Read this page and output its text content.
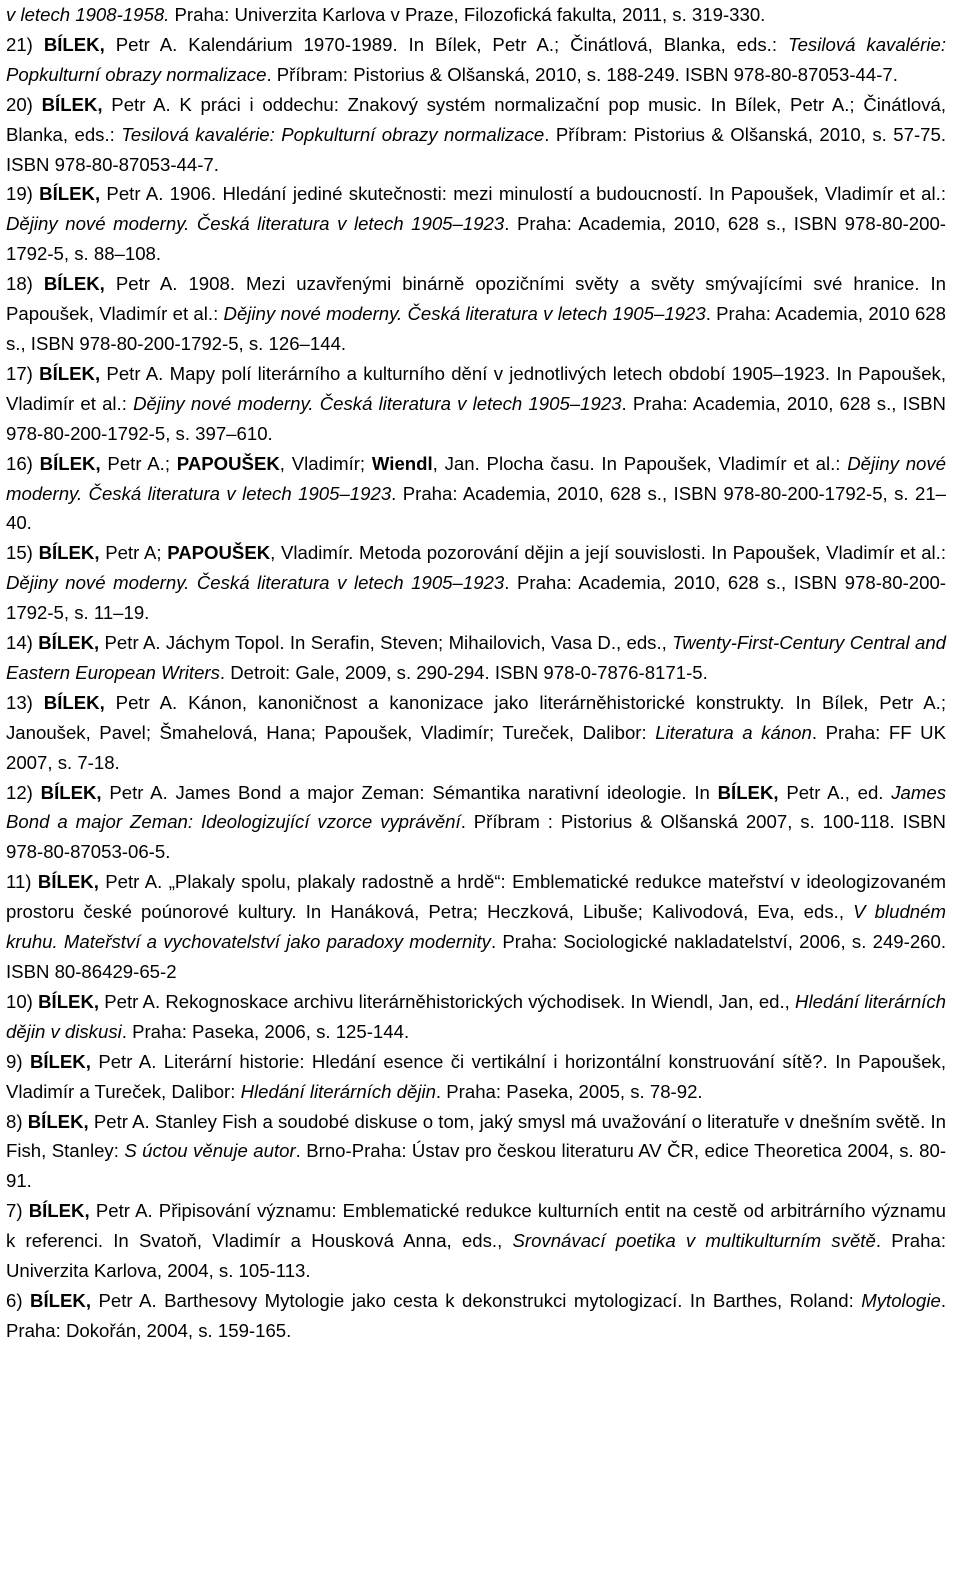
v letech 1908-1958. Praha: Univerzita Karlova v Praze, Filozofická fakulta, 2011, s. 319-330.

21) BÍLEK, Petr A. Kalendárium 1970-1989. In Bílek, Petr A.; Činátlová, Blanka, eds.: Tesilová kavalérie: Popkulturní obrazy normalizace. Příbram: Pistorius & Olšanská, 2010, s. 188-249. ISBN 978-80-87053-44-7.

20) BÍLEK, Petr A. K práci i oddechu: Znakový systém normalizační pop music. In Bílek, Petr A.; Činátlová, Blanka, eds.: Tesilová kavalérie: Popkulturní obrazy normalizace. Příbram: Pistorius & Olšanská, 2010, s. 57-75. ISBN 978-80-87053-44-7.

19) BÍLEK, Petr A. 1906. Hledání jediné skutečnosti: mezi minulostí a budoucností. In Papoušek, Vladimír et al.: Dějiny nové moderny. Česká literatura v letech 1905–1923. Praha: Academia, 2010, 628 s., ISBN 978-80-200-1792-5, s. 88–108.

18) BÍLEK, Petr A. 1908. Mezi uzavřenými binárně opozičními světy a světy smývajícími své hranice. In Papoušek, Vladimír et al.: Dějiny nové moderny. Česká literatura v letech 1905–1923. Praha: Academia, 2010 628 s., ISBN 978-80-200-1792-5, s. 126–144.

17) BÍLEK, Petr A. Mapy polí literárního a kulturního dění v jednotlivých letech období 1905–1923. In Papoušek, Vladimír et al.: Dějiny nové moderny. Česká literatura v letech 1905–1923. Praha: Academia, 2010, 628 s., ISBN 978-80-200-1792-5, s. 397–610.

16) BÍLEK, Petr A.; PAPOUŠEK, Vladimír; Wiendl, Jan. Plocha času. In Papoušek, Vladimír et al.: Dějiny nové moderny. Česká literatura v letech 1905–1923. Praha: Academia, 2010, 628 s., ISBN 978-80-200-1792-5, s. 21– 40.

15) BÍLEK, Petr A; PAPOUŠEK, Vladimír. Metoda pozorování dějin a její souvislosti. In Papoušek, Vladimír et al.: Dějiny nové moderny. Česká literatura v letech 1905–1923. Praha: Academia, 2010, 628 s., ISBN 978-80-200-1792-5, s. 11–19.

14) BÍLEK, Petr A. Jáchym Topol. In Serafin, Steven; Mihailovich, Vasa D., eds., Twenty-First-Century Central and Eastern European Writers. Detroit: Gale, 2009, s. 290-294. ISBN 978-0-7876-8171-5.

13) BÍLEK, Petr A. Kánon, kanoničnost a kanonizace jako literárněhistorické konstrukty. In Bílek, Petr A.; Janoušek, Pavel; Šmahelová, Hana; Papoušek, Vladimír; Tureček, Dalibor: Literatura a kánon. Praha: FF UK 2007, s. 7-18.

12) BÍLEK, Petr A. James Bond a major Zeman: Sémantika narativní ideologie. In BÍLEK, Petr A., ed. James Bond a major Zeman: Ideologizující vzorce vyprávění. Příbram : Pistorius & Olšanská 2007, s. 100-118. ISBN 978-80-87053-06-5.

11) BÍLEK, Petr A. „Plakaly spolu, plakaly radostně a hrdě“: Emblematické redukce mateřství v ideologizovaném prostoru české poúnorové kultury. In Hanáková, Petra; Heczková, Libuše; Kalivodová, Eva, eds., V bludném kruhu. Mateřství a vychovatelství jako paradoxy modernity. Praha: Sociologické nakladatelství, 2006, s. 249-260. ISBN 80-86429-65-2

10) BÍLEK, Petr A. Rekognoskace archivu literárněhistorických východisek. In Wiendl, Jan, ed., Hledání literárních dějin v diskusi. Praha: Paseka, 2006, s. 125-144.

9) BÍLEK, Petr A. Literární historie: Hledání esence či vertikální i horizontální konstruování sítě?. In Papoušek, Vladimír a Tureček, Dalibor: Hledání literárních dějin. Praha: Paseka, 2005, s. 78-92.

8) BÍLEK, Petr A. Stanley Fish a soudobé diskuse o tom, jaký smysl má uvažování o literatuře v dnešním světě. In Fish, Stanley: S úctou věnuje autor. Brno-Praha: Ústav pro českou literaturu AV ČR, edice Theoretica 2004, s. 80-91.

7) BÍLEK, Petr A. Připisování významu: Emblematické redukce kulturních entit na cestě od arbitrárního významu k referenci. In Svatoň, Vladimír a Housková Anna, eds., Srovnávací poetika v multikulturním světě. Praha: Univerzita Karlova, 2004, s. 105-113.

6) BÍLEK, Petr A. Barthesovy Mytologie jako cesta k dekonstrukci mytologizací. In Barthes, Roland: Mytologie. Praha: Dokořán, 2004, s. 159-165.
